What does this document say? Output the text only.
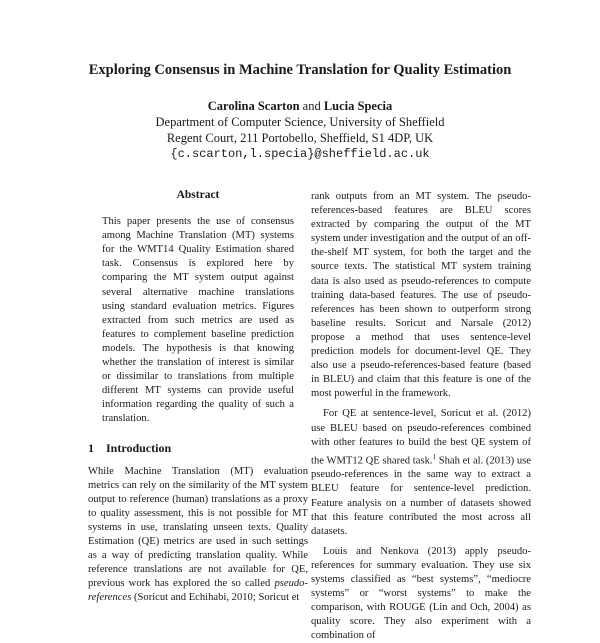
Exploring Consensus in Machine Translation for Quality Estimation
Carolina Scarton and Lucia Specia
Department of Computer Science, University of Sheffield
Regent Court, 211 Portobello, Sheffield, S1 4DP, UK
{c.scarton,l.specia}@sheffield.ac.uk
Abstract

This paper presents the use of consensus among Machine Translation (MT) systems for the WMT14 Quality Estimation shared task. Consensus is explored here by comparing the MT system output against several alternative machine translations using standard evaluation metrics. Figures extracted from such metrics are used as features to complement baseline prediction models. The hypothesis is that knowing whether the translation of interest is similar or dissimilar to translations from multiple different MT systems can provide useful information regarding the quality of such a translation.

1 Introduction

While Machine Translation (MT) evaluation metrics can rely on the similarity of the MT system output to reference (human) translations as a proxy to quality assessment, this is not possible for MT systems in use, translating unseen texts. Quality Estimation (QE) metrics are used in such settings as a way of predicting translation quality. While reference translations are not available for QE, previous work has explored the so called pseudo-references (Soricut and Echihabi, 2010; Soricut et

rank outputs from an MT system. The pseudo-references-based features are BLEU scores extracted by comparing the output of the MT system under investigation and the output of an off-the-shelf MT system, for both the target and the source texts. The statistical MT system training data is also used as pseudo-references to compute training data-based features. The use of pseudo-references has been shown to outperform strong baseline results. Soricut and Narsale (2012) propose a method that uses sentence-level prediction models for document-level QE. They also use a pseudo-references-based feature (based in BLEU) and claim that this feature is one of the most powerful in the framework.

For QE at sentence-level, Soricut et al. (2012) use BLEU based on pseudo-references combined with other features to build the best QE system of the WMT12 QE shared task.$^1$ Shah et al. (2013) use pseudo-references in the same way to extract a BLEU feature for sentence-level prediction. Feature analysis on a number of datasets showed that this feature contributed the most across all datasets.

Louis and Nenkova (2013) apply pseudo-references for summary evaluation. They use six systems classified as “best systems”, “mediocre systems” or “worst systems” to make the comparison, with ROUGE (Lin and Och, 2004) as quality score. They also experiment with a combination of
